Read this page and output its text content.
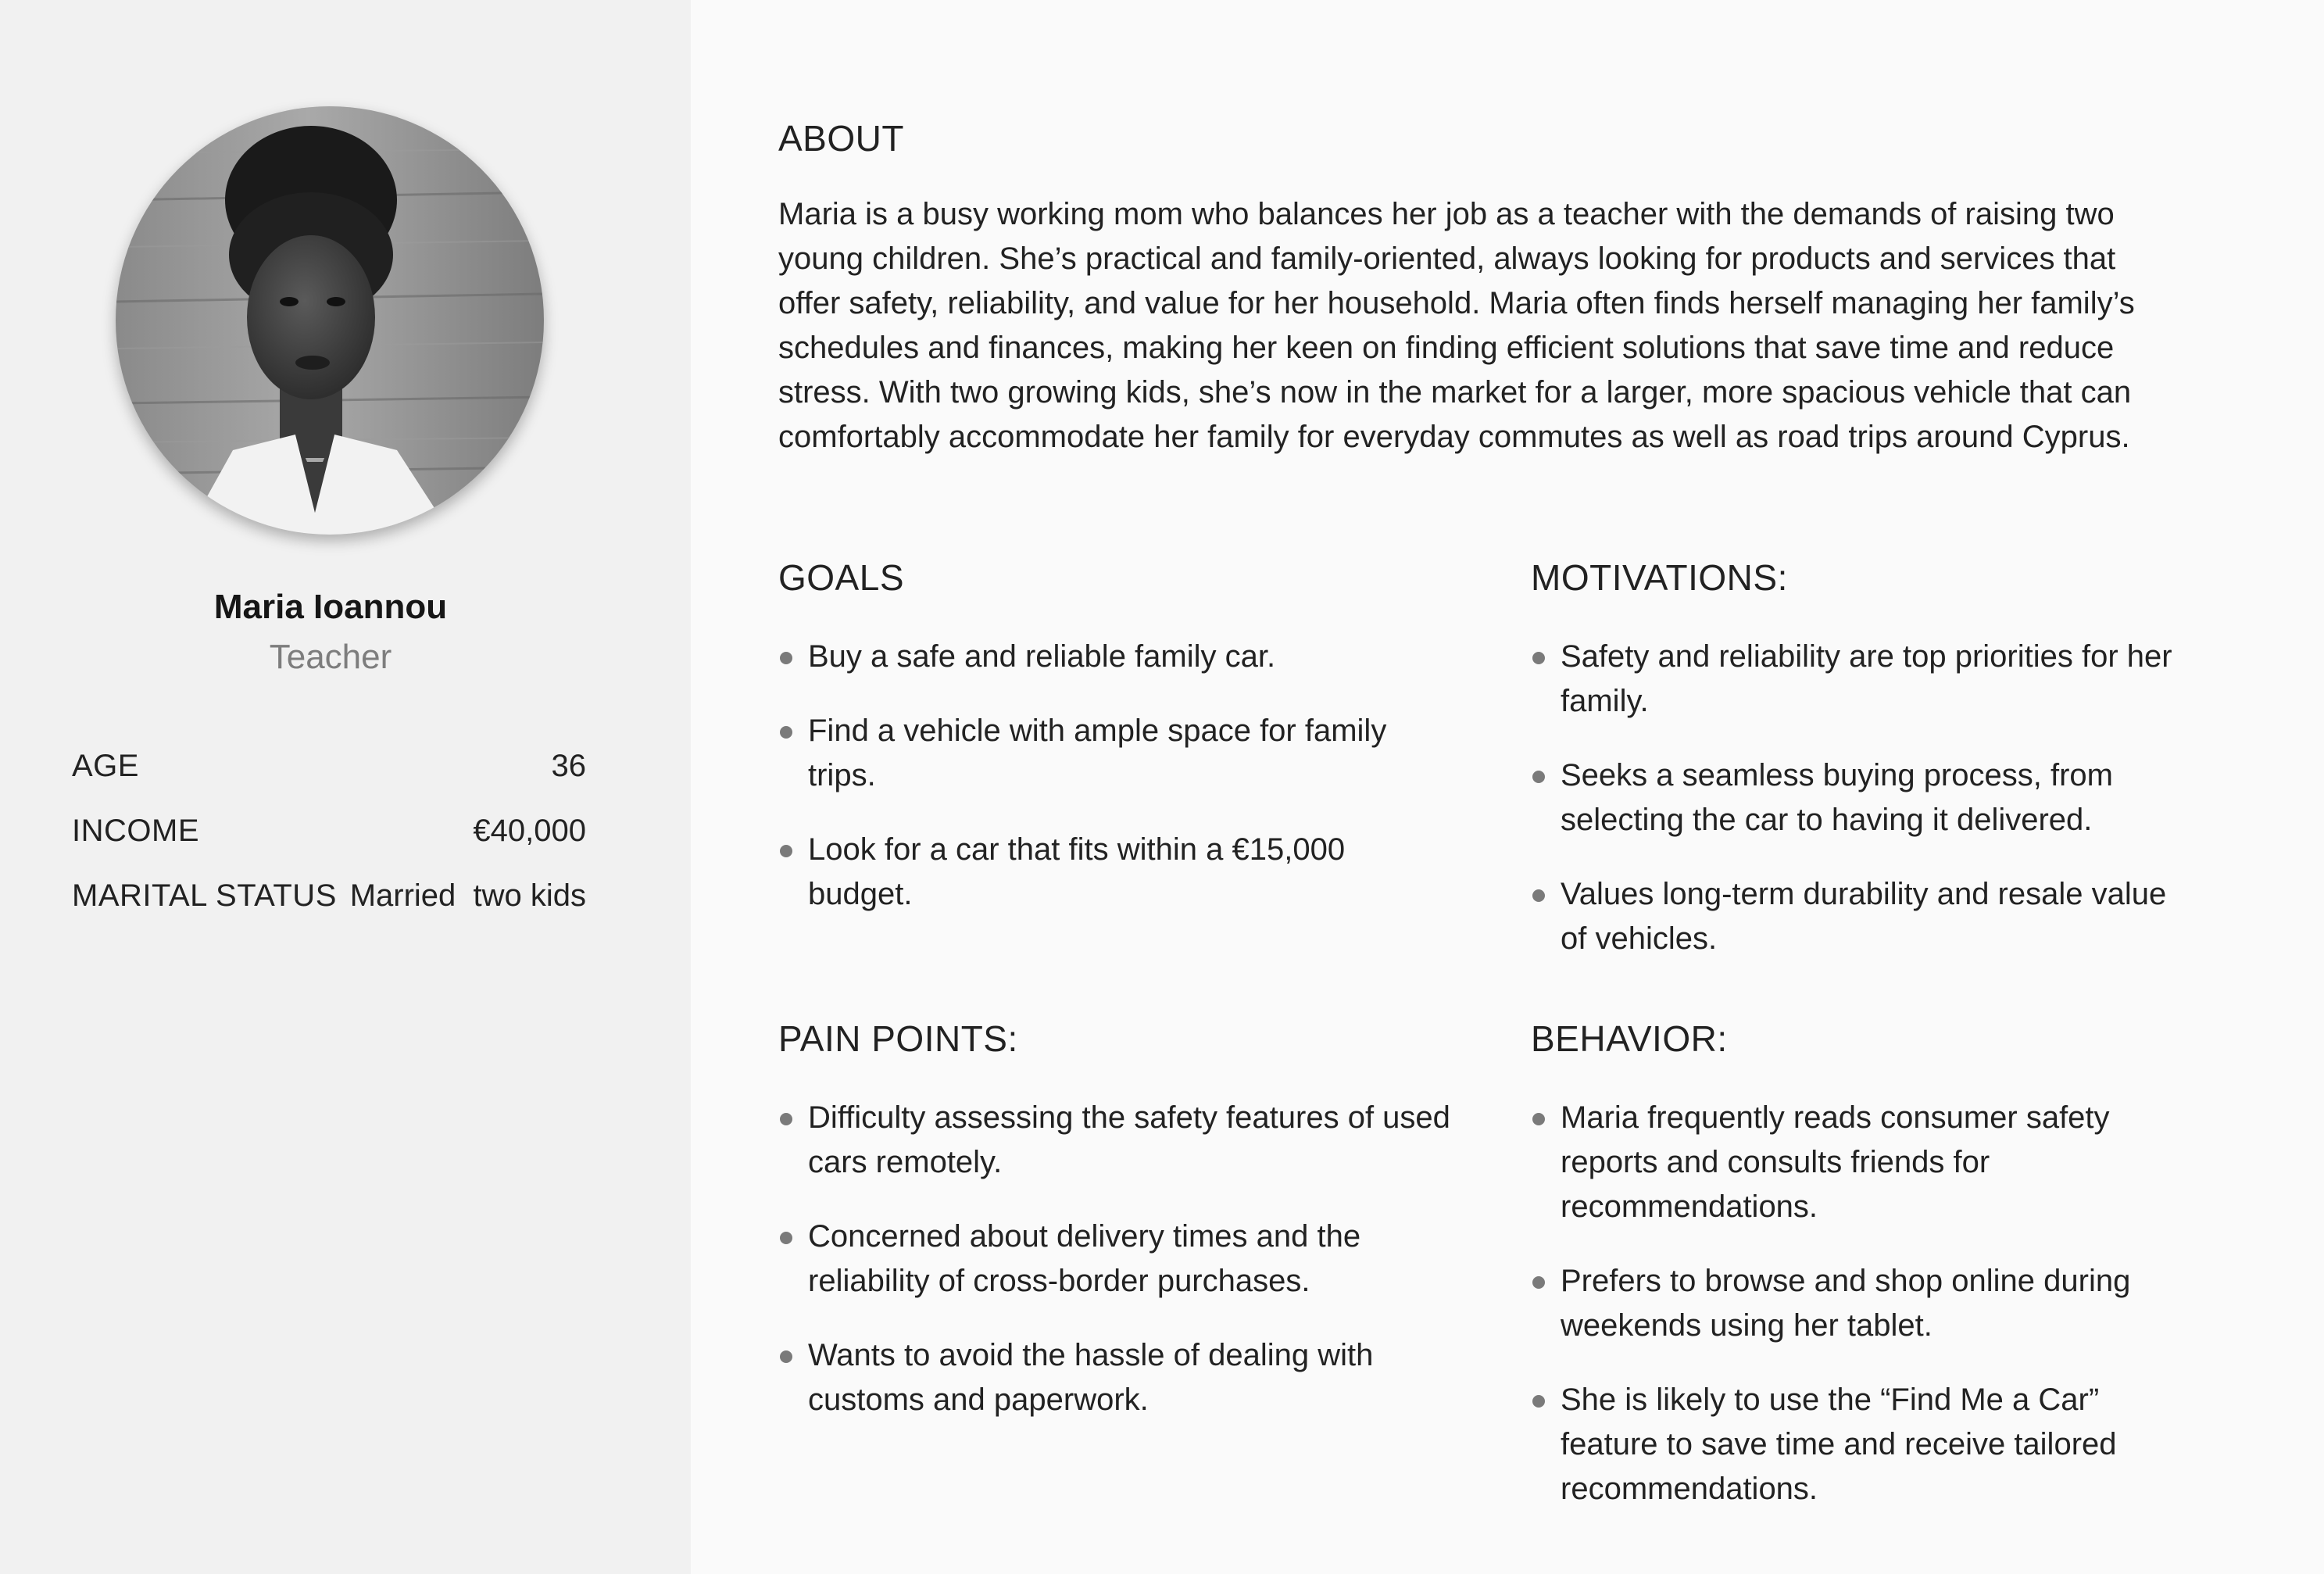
Maria Ioannou
Teacher
AGE	36
INCOME	€40,000
MARITAL STATUS Married  two kids
ABOUT

Maria is a busy working mom who balances her job as a teacher with the demands of raising two young children. She’s practical and family-oriented, always looking for products and services that offer safety, reliability, and value for her household. Maria often finds herself managing her family’s schedules and finances, making her keen on finding efficient solutions that save time and reduce stress. With two growing kids, she’s now in the market for a larger, more spacious vehicle that can comfortably accommodate her family for everyday commutes as well as road trips around Cyprus.

GOALS
Buy a safe and reliable family car.
Find a vehicle with ample space for family trips.
Look for a car that fits within a €15,000 budget.
MOTIVATIONS:
Safety and reliability are top priorities for her family.
Seeks a seamless buying process, from selecting the car to having it delivered.
Values long-term durability and resale value of vehicles.
PAIN POINTS:
Difficulty assessing the safety features of used cars remotely.
Concerned about delivery times and the reliability of cross-border purchases.
Wants to avoid the hassle of dealing with customs and paperwork.
BEHAVIOR:
Maria frequently reads consumer safety reports and consults friends for recommendations.
Prefers to browse and shop online during weekends using her tablet.
She is likely to use the “Find Me a Car” feature to save time and receive tailored recommendations.
